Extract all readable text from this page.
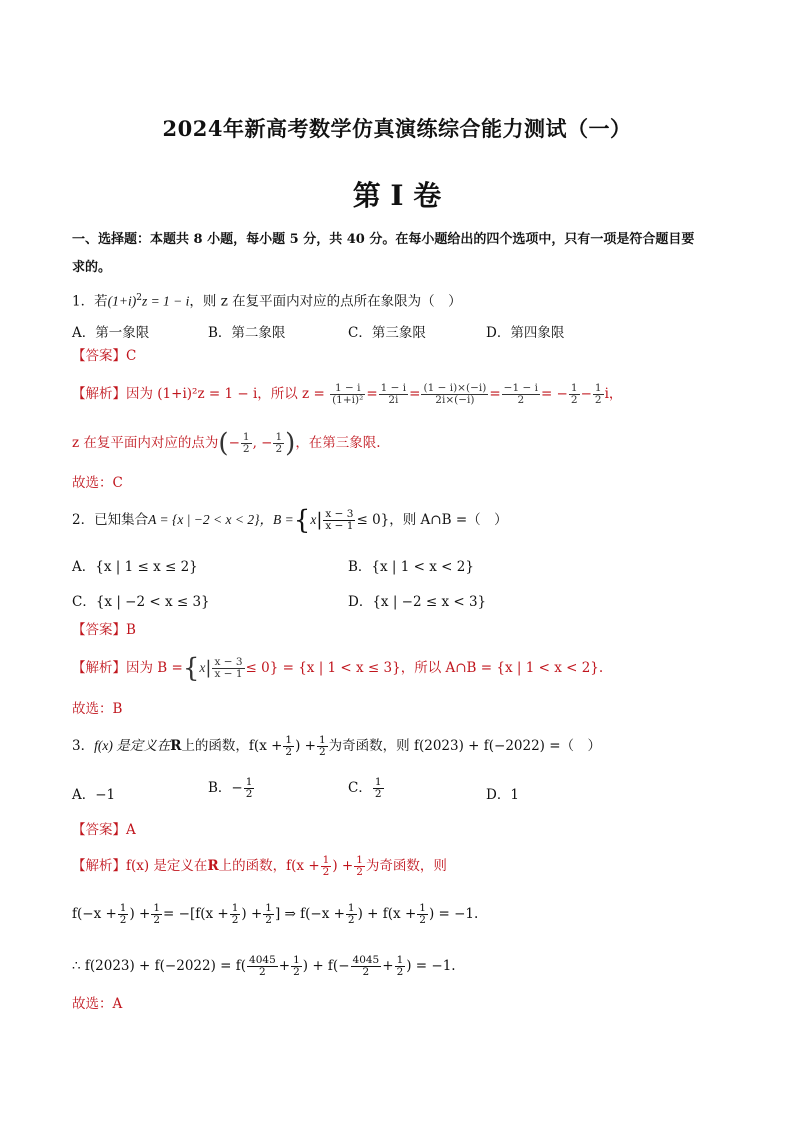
2024年新高考数学仿真演练综合能力测试（一）
第 I 卷
一、选择题：本题共 8 小题，每小题 5 分，共 40 分。在每小题给出的四个选项中，只有一项是符合题目要
求的。
1．若$(1+i)^2z = 1 - i$，则 z 在复平面内对应的点所在象限为（　）
A．第一象限	B．第二象限	C．第三象限	D．第四象限
【答案】C
【解析】因为 (1+i)²z = 1 − i，所以 $z = \frac{1 - i}{\text{(1+i)²}} = \frac{1 - i}{2i} = \frac{(1 - i)\times(-i)}{2i\times(-i)} = \frac{-1 - i}{2}$ = − $\frac{1}{2} - \frac{1}{2}$ i，
z 在复平面内对应的点为(− $\frac{1}{2}$ , − $\frac{1}{2}$ )，在第三象限.
故选：C
2．已知集合A = {x | −2 < x < 2}，$B =\{x| \frac{x - 3}{x - 1} \le 0\}$，则 A∩B =（　）
A．{x | 1 ≤ x ≤ 2}	B．{x | 1 < x < 2}
C．{x | −2 < x ≤ 3}	D．{x | −2 ≤ x < 3}
【答案】B
【解析】因为 $B =\{x| \frac{x - 3}{x - 1} \le 0\} = \{x$ | 1 < x ≤ 3}，所以 A∩B = {x | 1 < x < 2}.
故选：B
3．f(x) 是定义在R上的函数，$f(x + \frac{1}{2}$ ) + $\frac{1}{2}$ 为奇函数，则 f(2023) + f(−2022) =（　）
A．−1	B．− $\frac{1}{2}$	C． $\frac{1}{2}$	D．1
【答案】A
【解析】f(x) 是定义在R上的函数，$f(x + \frac{1}{2}$ ) + $\frac{1}{2}$ 为奇函数，则
$f(-x + \frac{1}{2}$ ) + $\frac{1}{2} = -[f(x + \frac{1}{2}$ ) + $\frac{1}{2}$ ] ⇒ $f(-x + \frac{1}{2}$ ) + $f(x + \frac{1}{2}$ ) = −1.
∴ $f(2023) + f(-2022) = f( \frac{4045}{2} + \frac{1}{2}$ ) + $f(- \frac{4045}{2} + \frac{1}{2}$ ) = −1.
故选：A
